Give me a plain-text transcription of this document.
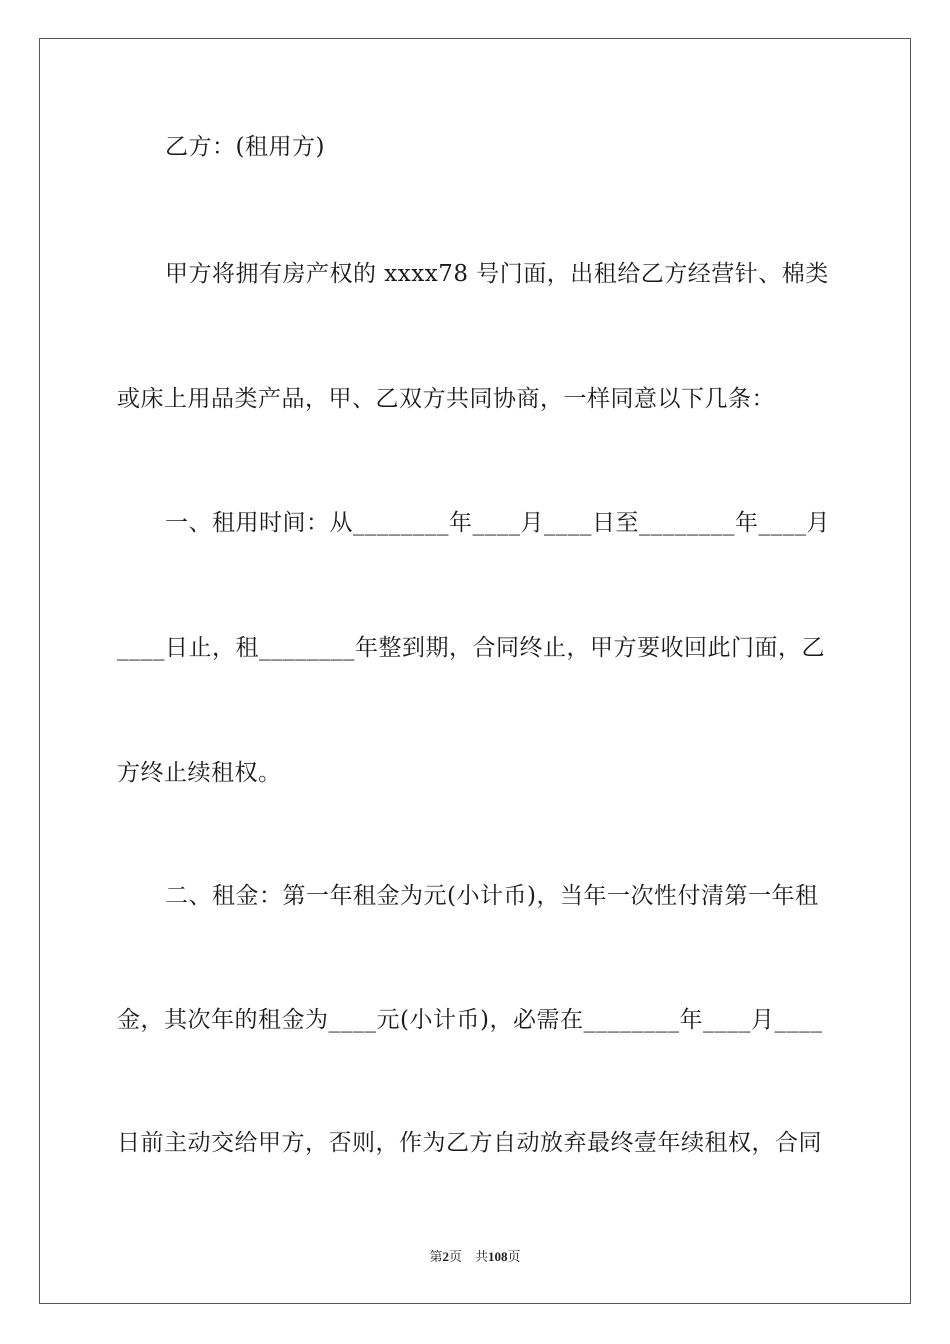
乙方：(租用方)
甲方将拥有房产权的 xxxx78 号门面，出租给乙方经营针、棉类
或床上用品类产品，甲、乙双方共同协商，一样同意以下几条：
一、租用时间：从________年____月____日至________年____月
____日止，租________年整到期，合同终止，甲方要收回此门面，乙
方终止续租权。
二、租金：第一年租金为元(小计币)，当年一次性付清第一年租
金，其次年的租金为____元(小计币)，必需在________年____月____
日前主动交给甲方，否则，作为乙方自动放弃最终壹年续租权，合同
第2页 共108页
